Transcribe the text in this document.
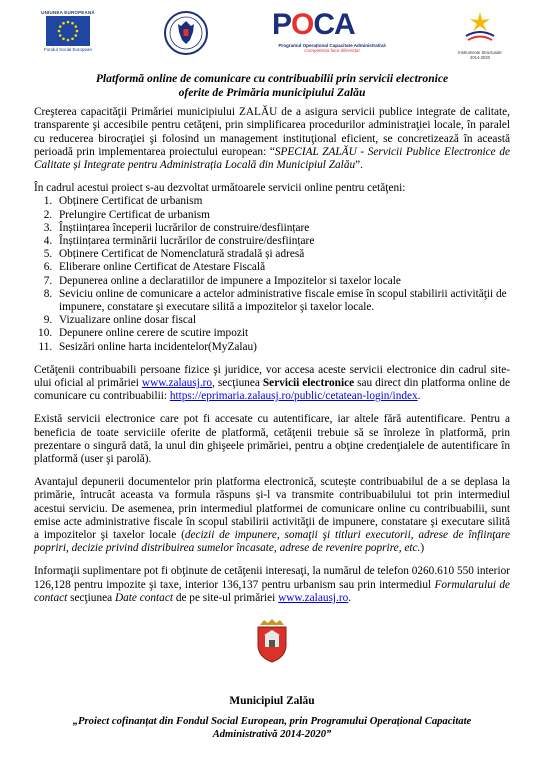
UNIUNEA EUROPEANĂ
Fondul Social European
POCA
Programul Operațional Capacitate Administrativă
Competența face diferența!	Instrumente Structurale
2014-2020
Platformă online de comunicare cu contribuabilii prin servicii electronice
oferite de Primăria municipiului Zalău

Creşterea capacităţii Primăriei municipiului ZALĂU de a asigura servicii publice integrate de calitate, transparente şi accesibile pentru cetăţeni, prin simplificarea procedurilor administraţiei locale, în paralel cu reducerea birocraţiei şi folosind un management instituţional eficient, se concretizează în această perioadă prin implementarea proiectului european: “SPECIAL ZALĂU - Servicii Publice Electronice de Calitate și Integrate pentru Administrația Locală din Municipiul Zalău”.

În cadrul acestui proiect s-au dezvoltat următoarele servicii online pentru cetăţeni:
1. Obținere Certificat de urbanism
2. Prelungire Certificat de urbanism
3. Înștiințarea începerii lucrărilor de construire/desființare
4. Înștiințarea terminării lucrărilor de construire/desființare
5. Obținere Certificat de Nomenclatură stradală și adresă
6. Eliberare online Certificat de Atestare Fiscală
7. Depunerea online a declaratiilor de impunere a Impozitelor si taxelor locale
8. Seviciu online de comunicare a actelor administrative fiscale emise în scopul stabilirii activităţii de impunere, constatare şi executare silită a impozitelor şi taxelor locale.
9. Vizualizare online dosar fiscal
10. Depunere online cerere de scutire impozit
11. Sesizări online harta incidentelor(MyZalau)

Cetăţenii contribuabili persoane fizice şi juridice, vor accesa aceste servicii electronice din cadrul site-ului oficial al primăriei www.zalausj.ro, secţiunea Servicii electronice sau direct din platforma online de comunicare cu contribuabilii: https://eprimaria.zalausj.ro/public/cetatean-login/index.

Există servicii electronice care pot fi accesate cu autentificare, iar altele fără autentificare. Pentru a beneficia de toate serviciile oferite de platformă, cetăţenii trebuie să se înroleze în platformă, prin prezentare o singură dată, la unul din ghişeele primăriei, pentru a obţine credenţialele de autentificare în platformă (user şi parolă).

Avantajul depunerii documentelor prin platforma electronică, scutește contribuabilul de a se deplasa la primărie, întrucât aceasta va formula răspuns și-l va transmite contribuabilului tot prin intermediul acestui serviciu. De asemenea, prin intermediul platformei de comunicare online cu contribuabilii, sunt emise acte administrative fiscale în scopul stabilirii activităţii de impunere, constatare şi executare silită a impozitelor şi taxelor locale (decizii de impunere, somaţii şi titluri executorii, adrese de înfiinţare popriri, decizie privind distribuirea sumelor încasate, adrese de revenire poprire, etc.)

Informaţii suplimentare pot fi obţinute de cetăţenii interesaţi, la numărul de telefon 0260.610 550 interior 126,128 pentru impozite şi taxe, interior 136,137 pentru urbanism sau prin intermediul Formularului de contact secţiunea Date contact de pe site-ul primăriei www.zalausj.ro.

Municipiul Zalău
„Proiect cofinanțat din Fondul Social European, prin Programului Operațional Capacitate
Administrativă 2014-2020”
